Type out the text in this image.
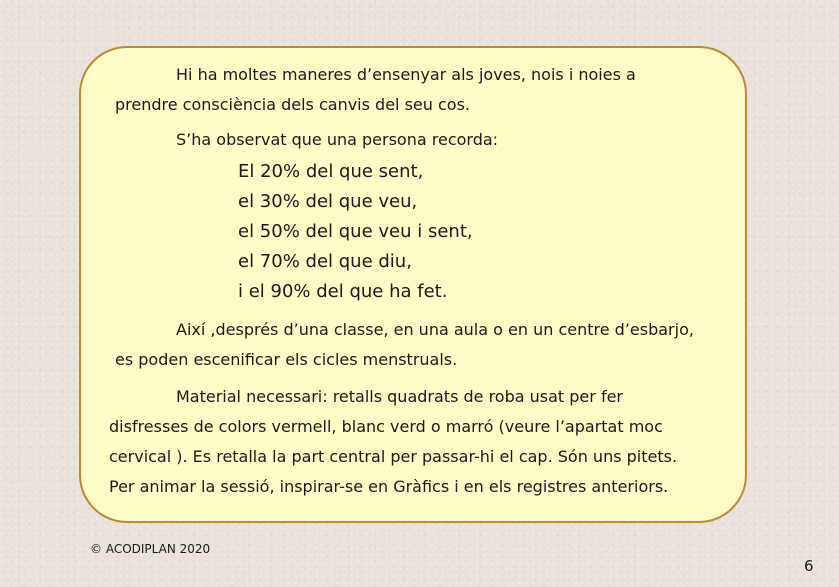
Hi ha moltes maneres d’ensenyar als joves, nois i noies a
prendre consciència dels canvis del seu cos.

S’ha observat que una persona recorda:

El 20% del que sent,
el 30% del que veu,
el 50% del que veu i sent,
el 70% del que diu,
i el 90% del que ha fet.

Així ,després d’una classe, en una aula o en un centre d’esbarjo,
es poden escenificar els cicles menstruals.

Material necessari: retalls quadrats de roba usat per fer
disfresses de colors vermell, blanc verd o marró (veure l’apartat moc
cervical ). Es retalla la part central per passar-hi el cap. Són uns pitets.
Per animar la sessió, inspirar-se en Gràfics i en els registres anteriors.

© ACODIPLAN 2020
6
